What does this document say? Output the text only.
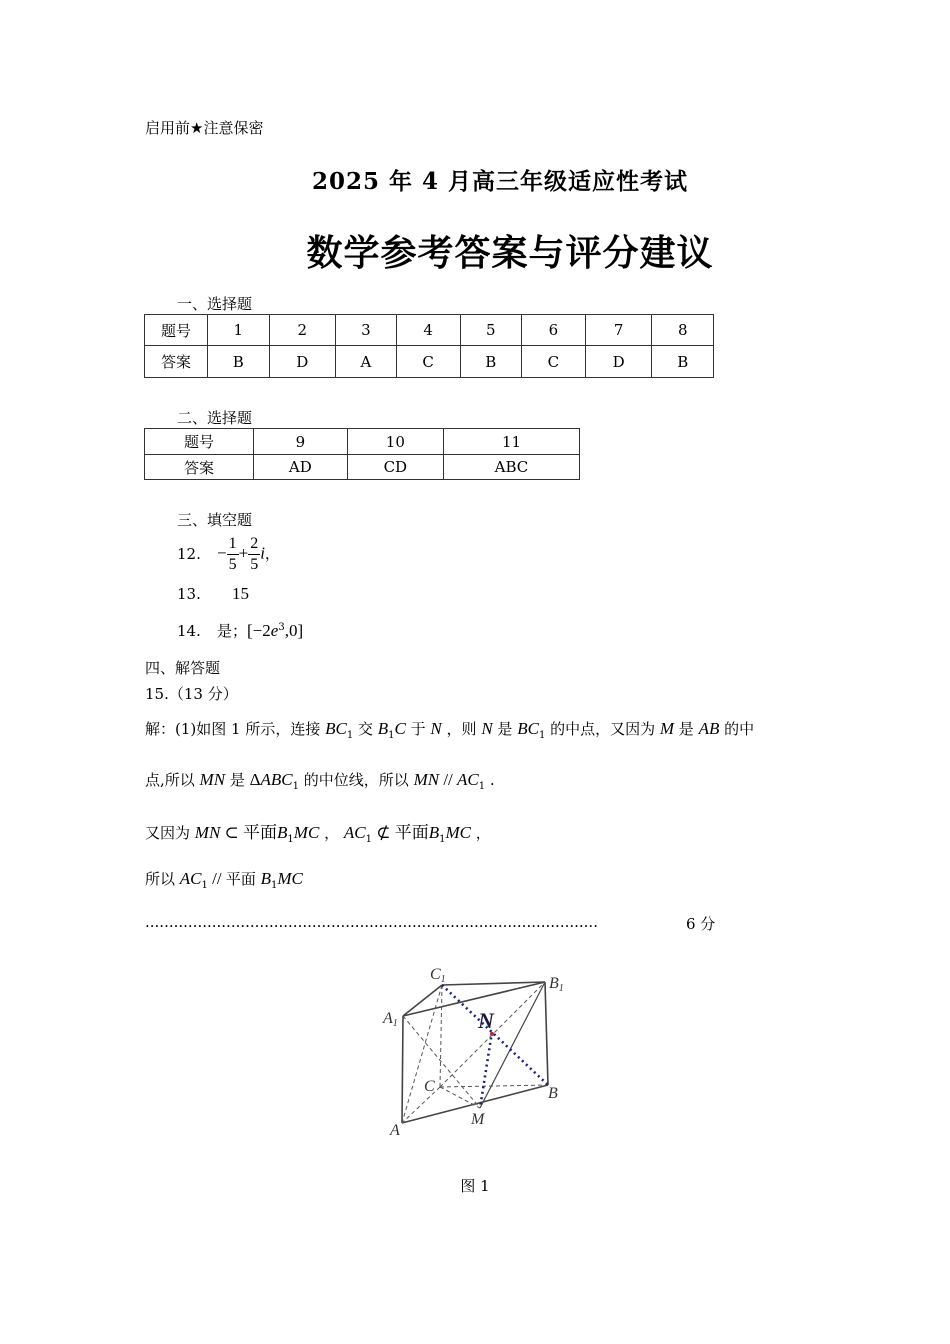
启用前★注意保密
2025 年 4 月高三年级适应性考试
数学参考答案与评分建议
一、选择题
题号	1	2	3	4	5	6	7	8
答案	B	D	A	C	B	C	D	B
二、选择题
题号	9	10	11
答案	AD	CD	ABC
三、填空题
12. − $\frac{1}{5} + \frac{2}{5}$ i，
13. 15
14. 是；$[-2e^3,0]$
四、解答题
15.（13 分）
解：(1)如图 1 所示，连接 $BC_1$ 交 $B_1C$ 于 N ，则 N 是 $BC_1$ 的中点，又因为 M 是 AB 的中
点,所以 MN 是 $\Delta ABC_1$ 的中位线，所以 MN // $AC_1$ .
又因为 MN ⊂ 平面$B_1MC$ ， $AC_1$ ⊄ 平面$B_1MC$ ，
所以 $AC_1$ // 平面 $B_1MC$
...............................................................................................	6 分
C1	B1
A1	N
C	B
A
M
图 1
